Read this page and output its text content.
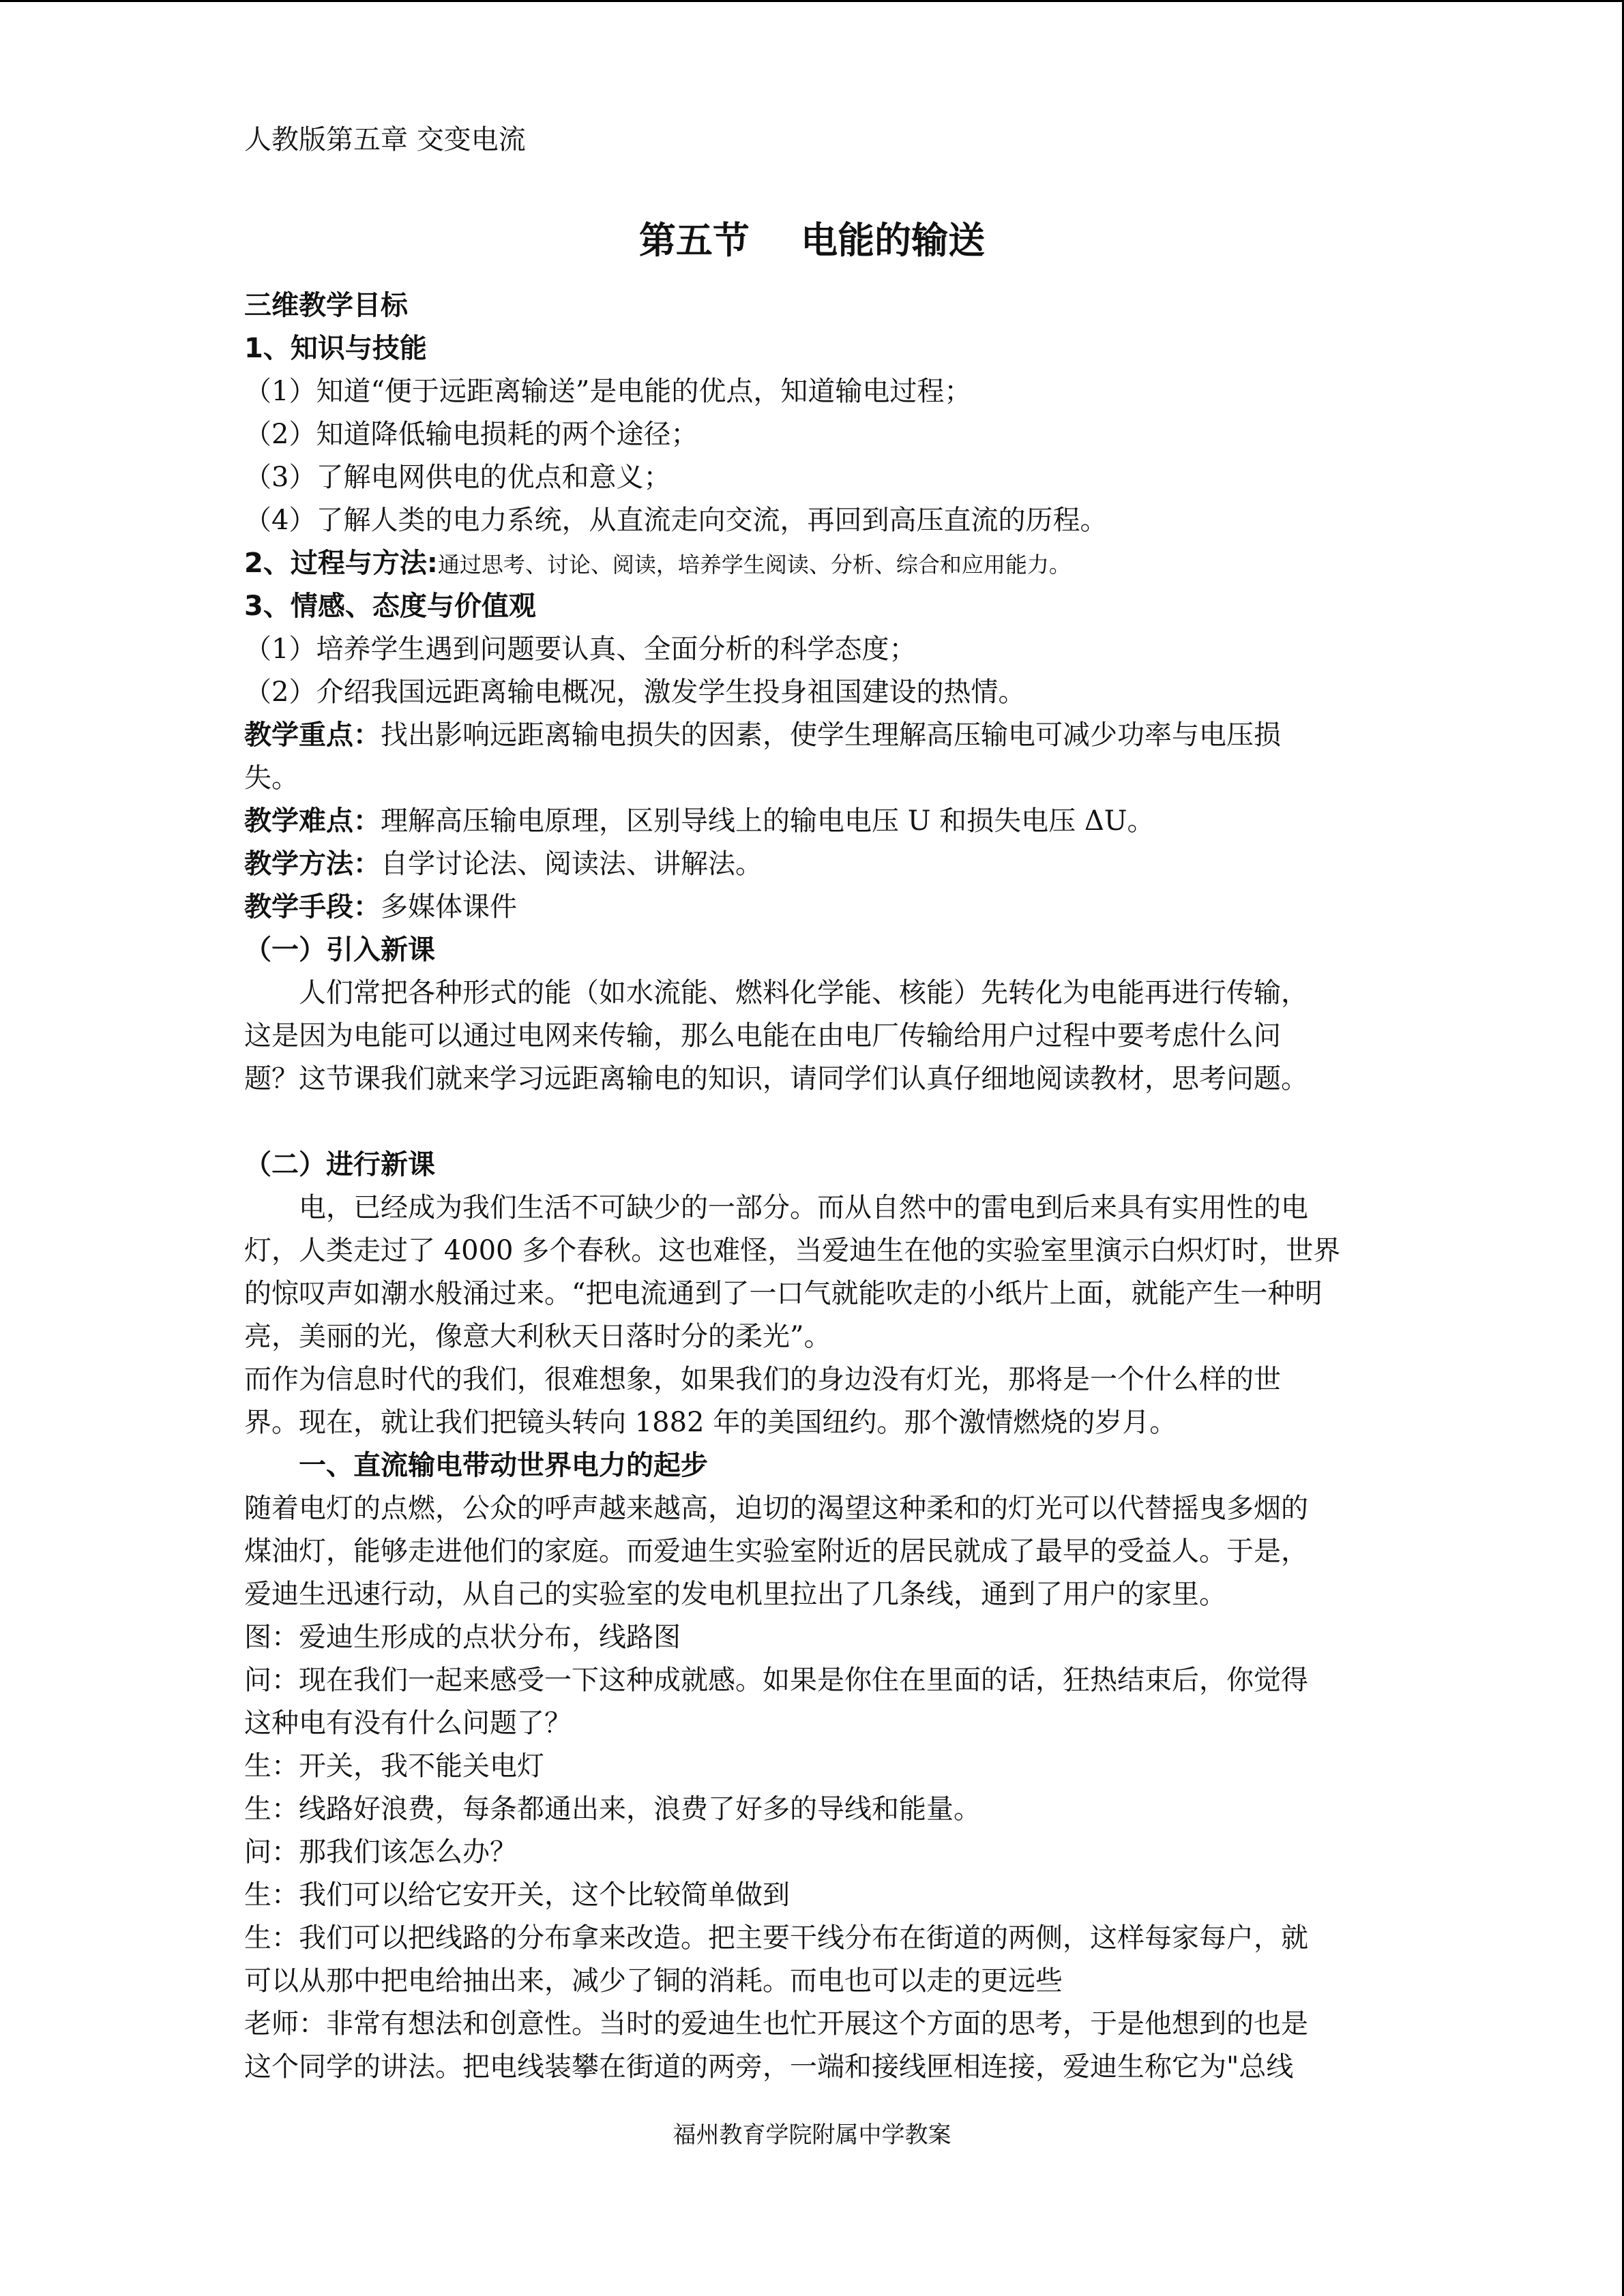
人教版第五章 交变电流
第五节    电能的输送
三维教学目标
1、知识与技能
（1）知道“便于远距离输送”是电能的优点，知道输电过程；
（2）知道降低输电损耗的两个途径；
（3）了解电网供电的优点和意义；
（4）了解人类的电力系统，从直流走向交流，再回到高压直流的历程。
2、过程与方法:通过思考、讨论、阅读，培养学生阅读、分析、综合和应用能力。
3、情感、态度与价值观
（1）培养学生遇到问题要认真、全面分析的科学态度；
（2）介绍我国远距离输电概况，激发学生投身祖国建设的热情。
教学重点：找出影响远距离输电损失的因素，使学生理解高压输电可减少功率与电压损
失。
教学难点：理解高压输电原理，区别导线上的输电电压 U 和损失电压 ΔU。
教学方法：自学讨论法、阅读法、讲解法。
教学手段：多媒体课件
（一）引入新课
人们常把各种形式的能（如水流能、燃料化学能、核能）先转化为电能再进行传输，
这是因为电能可以通过电网来传输，那么电能在由电厂传输给用户过程中要考虑什么问
题？这节课我们就来学习远距离输电的知识，请同学们认真仔细地阅读教材，思考问题。
（二）进行新课
电，已经成为我们生活不可缺少的一部分。而从自然中的雷电到后来具有实用性的电
灯，人类走过了 4000 多个春秋。这也难怪，当爱迪生在他的实验室里演示白炽灯时，世界
的惊叹声如潮水般涌过来。“把电流通到了一口气就能吹走的小纸片上面，就能产生一种明
亮，美丽的光，像意大利秋天日落时分的柔光”。
而作为信息时代的我们，很难想象，如果我们的身边没有灯光，那将是一个什么样的世
界。现在，就让我们把镜头转向 1882 年的美国纽约。那个激情燃烧的岁月。
一、直流输电带动世界电力的起步
随着电灯的点燃，公众的呼声越来越高，迫切的渴望这种柔和的灯光可以代替摇曳多烟的
煤油灯，能够走进他们的家庭。而爱迪生实验室附近的居民就成了最早的受益人。于是，
爱迪生迅速行动，从自己的实验室的发电机里拉出了几条线，通到了用户的家里。
图：爱迪生形成的点状分布，线路图
问：现在我们一起来感受一下这种成就感。如果是你住在里面的话，狂热结束后，你觉得
这种电有没有什么问题了？
生：开关，我不能关电灯
生：线路好浪费，每条都通出来，浪费了好多的导线和能量。
问：那我们该怎么办？
生：我们可以给它安开关，这个比较简单做到
生：我们可以把线路的分布拿来改造。把主要干线分布在街道的两侧，这样每家每户，就
可以从那中把电给抽出来，减少了铜的消耗。而电也可以走的更远些
老师：非常有想法和创意性。当时的爱迪生也忙开展这个方面的思考，于是他想到的也是
这个同学的讲法。把电线装攀在街道的两旁，一端和接线匣相连接，爱迪生称它为"总线
福州教育学院附属中学教案
